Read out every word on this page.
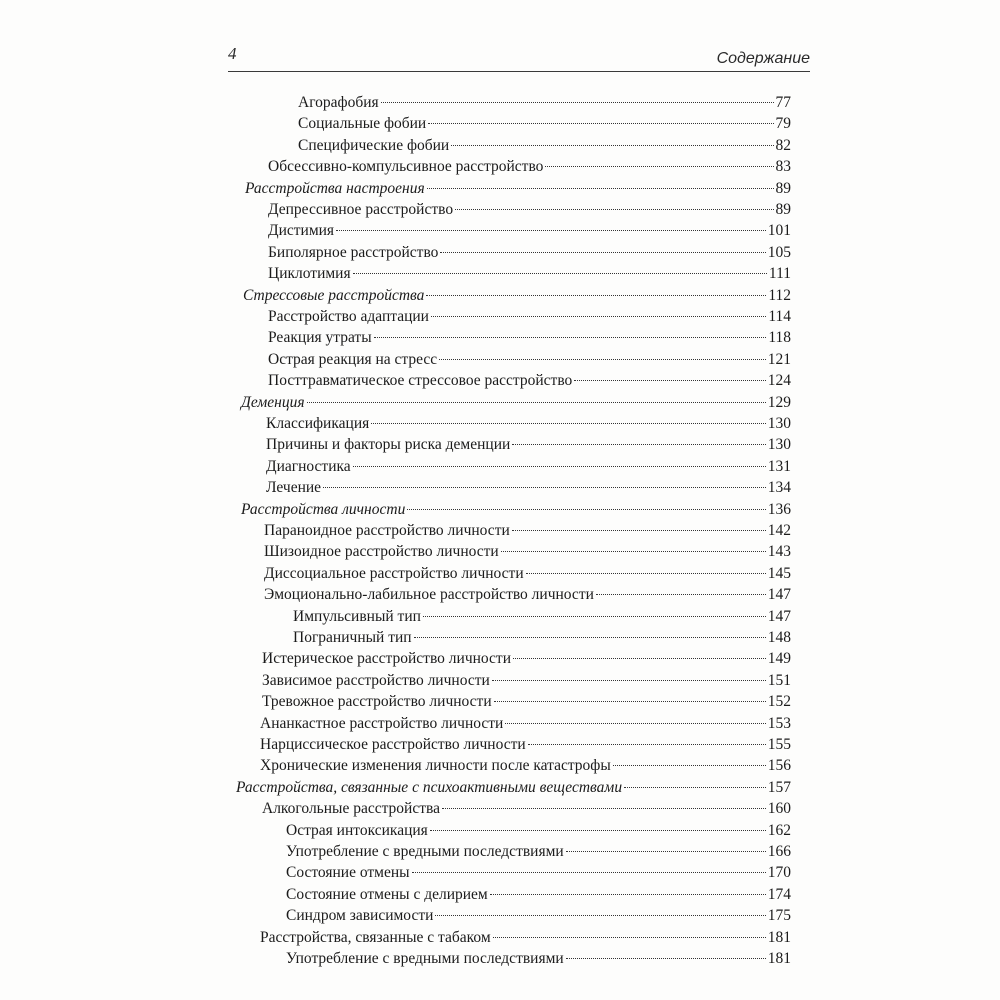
4	Содержание
Агорафобия	77
Социальные фобии	79
Специфические фобии	82
Обсессивно-компульсивное расстройство	83
Расстройства настроения	89
Депрессивное расстройство	89
Дистимия	101
Биполярное расстройство	105
Циклотимия	111
Стрессовые расстройства	112
Расстройство адаптации	114
Реакция утраты	118
Острая реакция на стресс	121
Посттравматическое стрессовое расстройство	124
Деменция	129
Классификация	130
Причины и факторы риска деменции	130
Диагностика	131
Лечение	134
Расстройства личности	136
Параноидное расстройство личности	142
Шизоидное расстройство личности	143
Диссоциальное расстройство личности	145
Эмоционально-лабильное расстройство личности	147
Импульсивный тип	147
Пограничный тип	148
Истерическое расстройство личности	149
Зависимое расстройство личности	151
Тревожное расстройство личности	152
Ананкастное расстройство личности	153
Нарциссическое расстройство личности	155
Хронические изменения личности после катастрофы	156
Расстройства, связанные с психоактивными веществами	157
Алкогольные расстройства	160
Острая интоксикация	162
Употребление с вредными последствиями	166
Состояние отмены	170
Состояние отмены с делирием	174
Синдром зависимости	175
Расстройства, связанные с табаком	181
Употребление с вредными последствиями	181
